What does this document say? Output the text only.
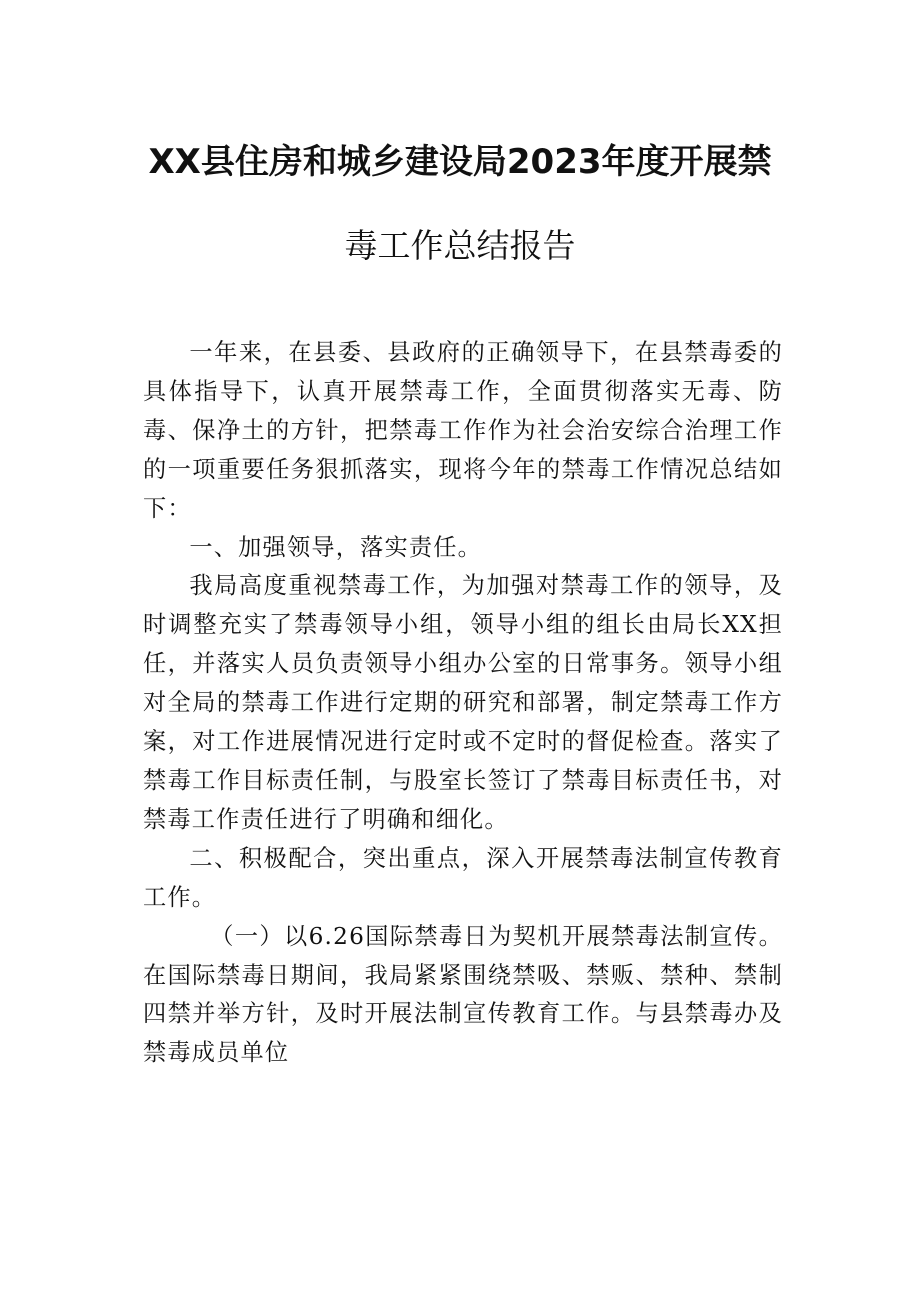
XX县住房和城乡建设局2023年度开展禁
毒工作总结报告

一年来，在县委、县政府的正确领导下，在县禁毒委的具体指导下，认真开展禁毒工作，全面贯彻落实无毒、防毒、保净土的方针，把禁毒工作作为社会治安综合治理工作的一项重要任务狠抓落实，现将今年的禁毒工作情况总结如下：

一、加强领导，落实责任。

我局高度重视禁毒工作，为加强对禁毒工作的领导，及时调整充实了禁毒领导小组，领导小组的组长由局长XX担任，并落实人员负责领导小组办公室的日常事务。领导小组对全局的禁毒工作进行定期的研究和部署，制定禁毒工作方案，对工作进展情况进行定时或不定时的督促检查。落实了禁毒工作目标责任制，与股室长签订了禁毒目标责任书，对禁毒工作责任进行了明确和细化。

二、积极配合，突出重点，深入开展禁毒法制宣传教育工作。

（一）以6.26国际禁毒日为契机开展禁毒法制宣传。在国际禁毒日期间，我局紧紧围绕禁吸、禁贩、禁种、禁制四禁并举方针，及时开展法制宣传教育工作。与县禁毒办及禁毒成员单位
